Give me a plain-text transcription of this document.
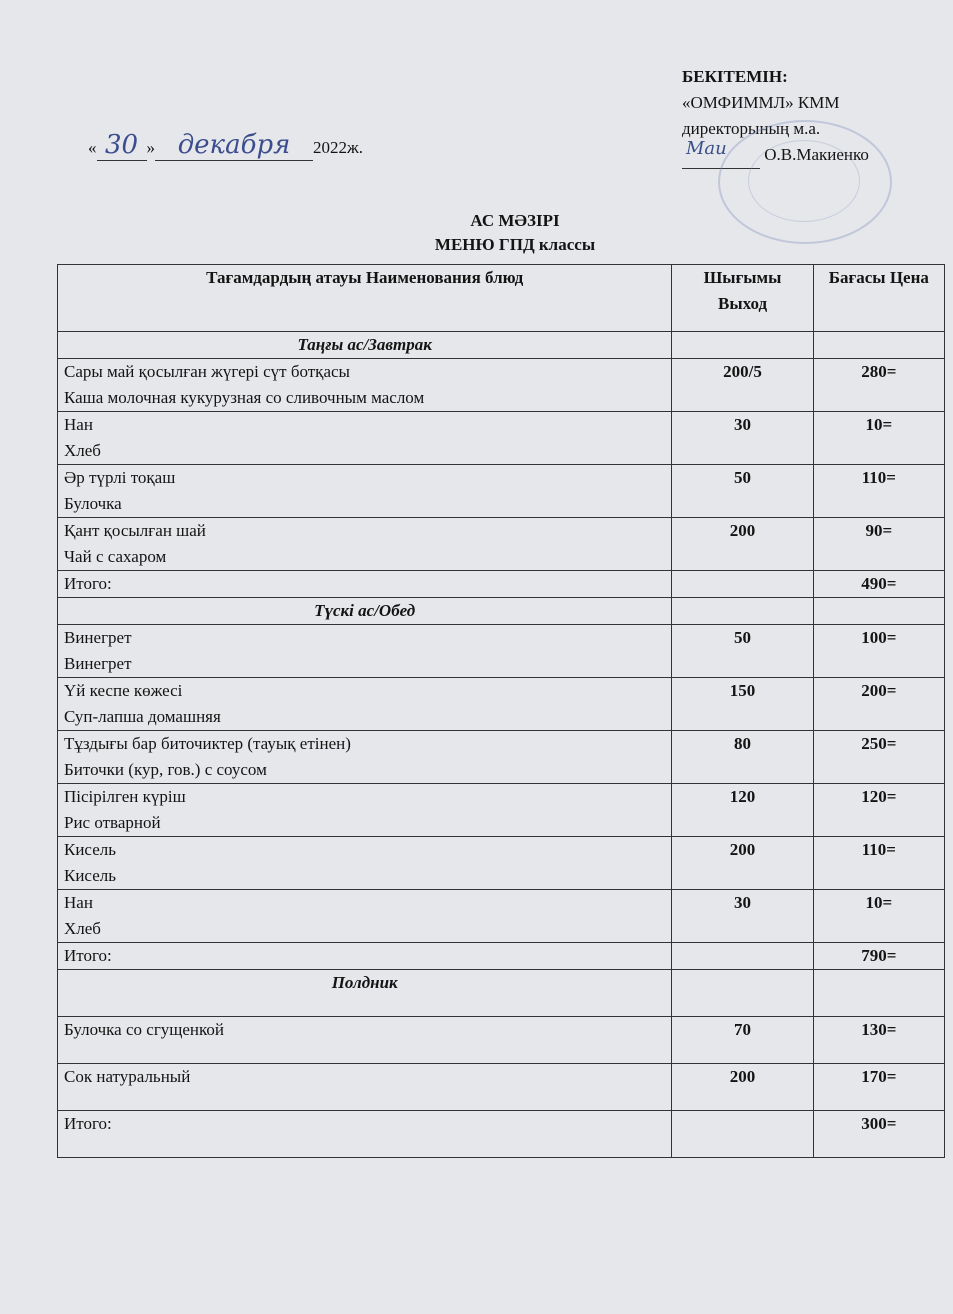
БЕКІТЕМІН:
«ОМФИММЛ» КММ
директорының м.а.
Mau О.В.Макиенко
« 30 » декабря 2022ж.
АС МӘЗІРІ
МЕНЮ ГПД классы
Тағамдардың атауы Наименования блюд	Шығымы Выход	Бағасы Цена
Таңғы ас/Завтрак		

Сары май қосылған жүгері сүт ботқасы
Каша молочная кукурузная со сливочным маслом	200/5	280=

Нан
Хлеб	30	10=

Әр түрлі тоқаш
Булочка	50	110=

Қант қосылған шай
Чай с сахаром	200	90=
Итого:		490=
Түскі ас/Обед		

Винегрет
Винегрет	50	100=

Үй кеспе көжесі
Суп-лапша домашняя	150	200=

Тұздығы бар биточиктер (тауық етінен)
Биточки (кур, гов.) с соусом	80	250=

Пісірілген күріш
Рис отварной	120	120=

Кисель
Кисель	200	110=

Нан
Хлеб	30	10=
Итого:		790=
Полдник		
Булочка со сгущенкой	70	130=
Сок натуральный	200	170=
Итого:		300=
